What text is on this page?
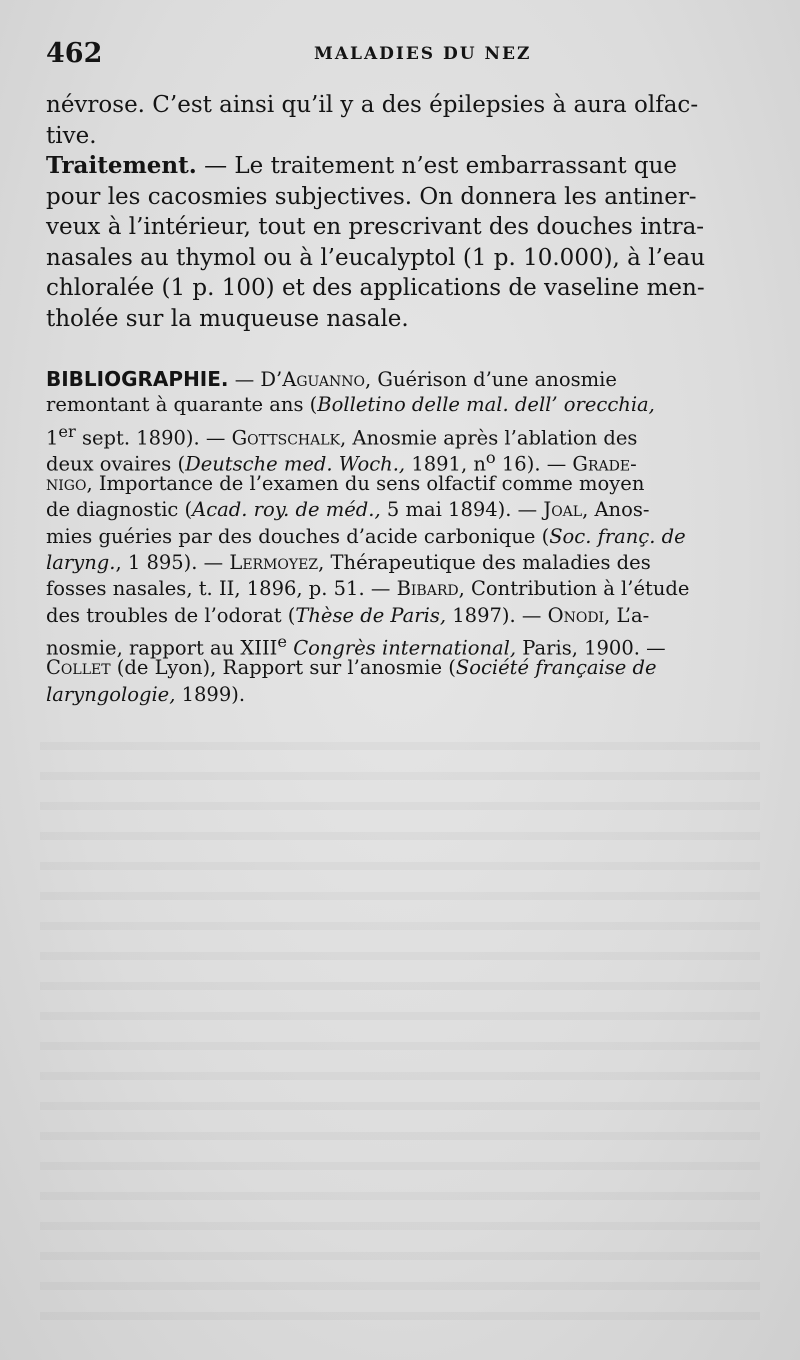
462	MALADIES DU NEZ
névrose. C’est ainsi qu’il y a des épilepsies à aura olfac-
tive.
Traitement. — Le traitement n’est embarrassant que
pour les cacosmies subjectives. On donnera les antiner-
veux à l’intérieur, tout en prescrivant des douches intra-
nasales au thymol ou à l’eucalyptol (1 p. 10.000), à l’eau
chloralée (1 p. 100) et des applications de vaseline men-
tholée sur la muqueuse nasale.
BIBLIOGRAPHIE. — D’Aguanno, Guérison d’une anosmie
remontant à quarante ans (Bolletino delle mal. dell’ orecchia,
1er sept. 1890). — Gottschalk, Anosmie après l’ablation des
deux ovaires (Deutsche med. Woch., 1891, $n^o$ 16). — Grade-
nigo, Importance de l’examen du sens olfactif comme moyen
de diagnostic (Acad. roy. de méd., 5 mai 1894). — Joal, Anos-
mies guéries par des douches d’acide carbonique (Soc. franç. de
laryng., 1 895). — Lermoyez, Thérapeutique des maladies des
fosses nasales, t. II, 1896, p. 51. — Bibard, Contribution à l’étude
des troubles de l’odorat (Thèse de Paris, 1897). — Onodi, L’a-
nosmie, rapport au XIIIe Congrès international, Paris, 1900. —
Collet (de Lyon), Rapport sur l’anosmie (Société française de
laryngologie, 1899).
